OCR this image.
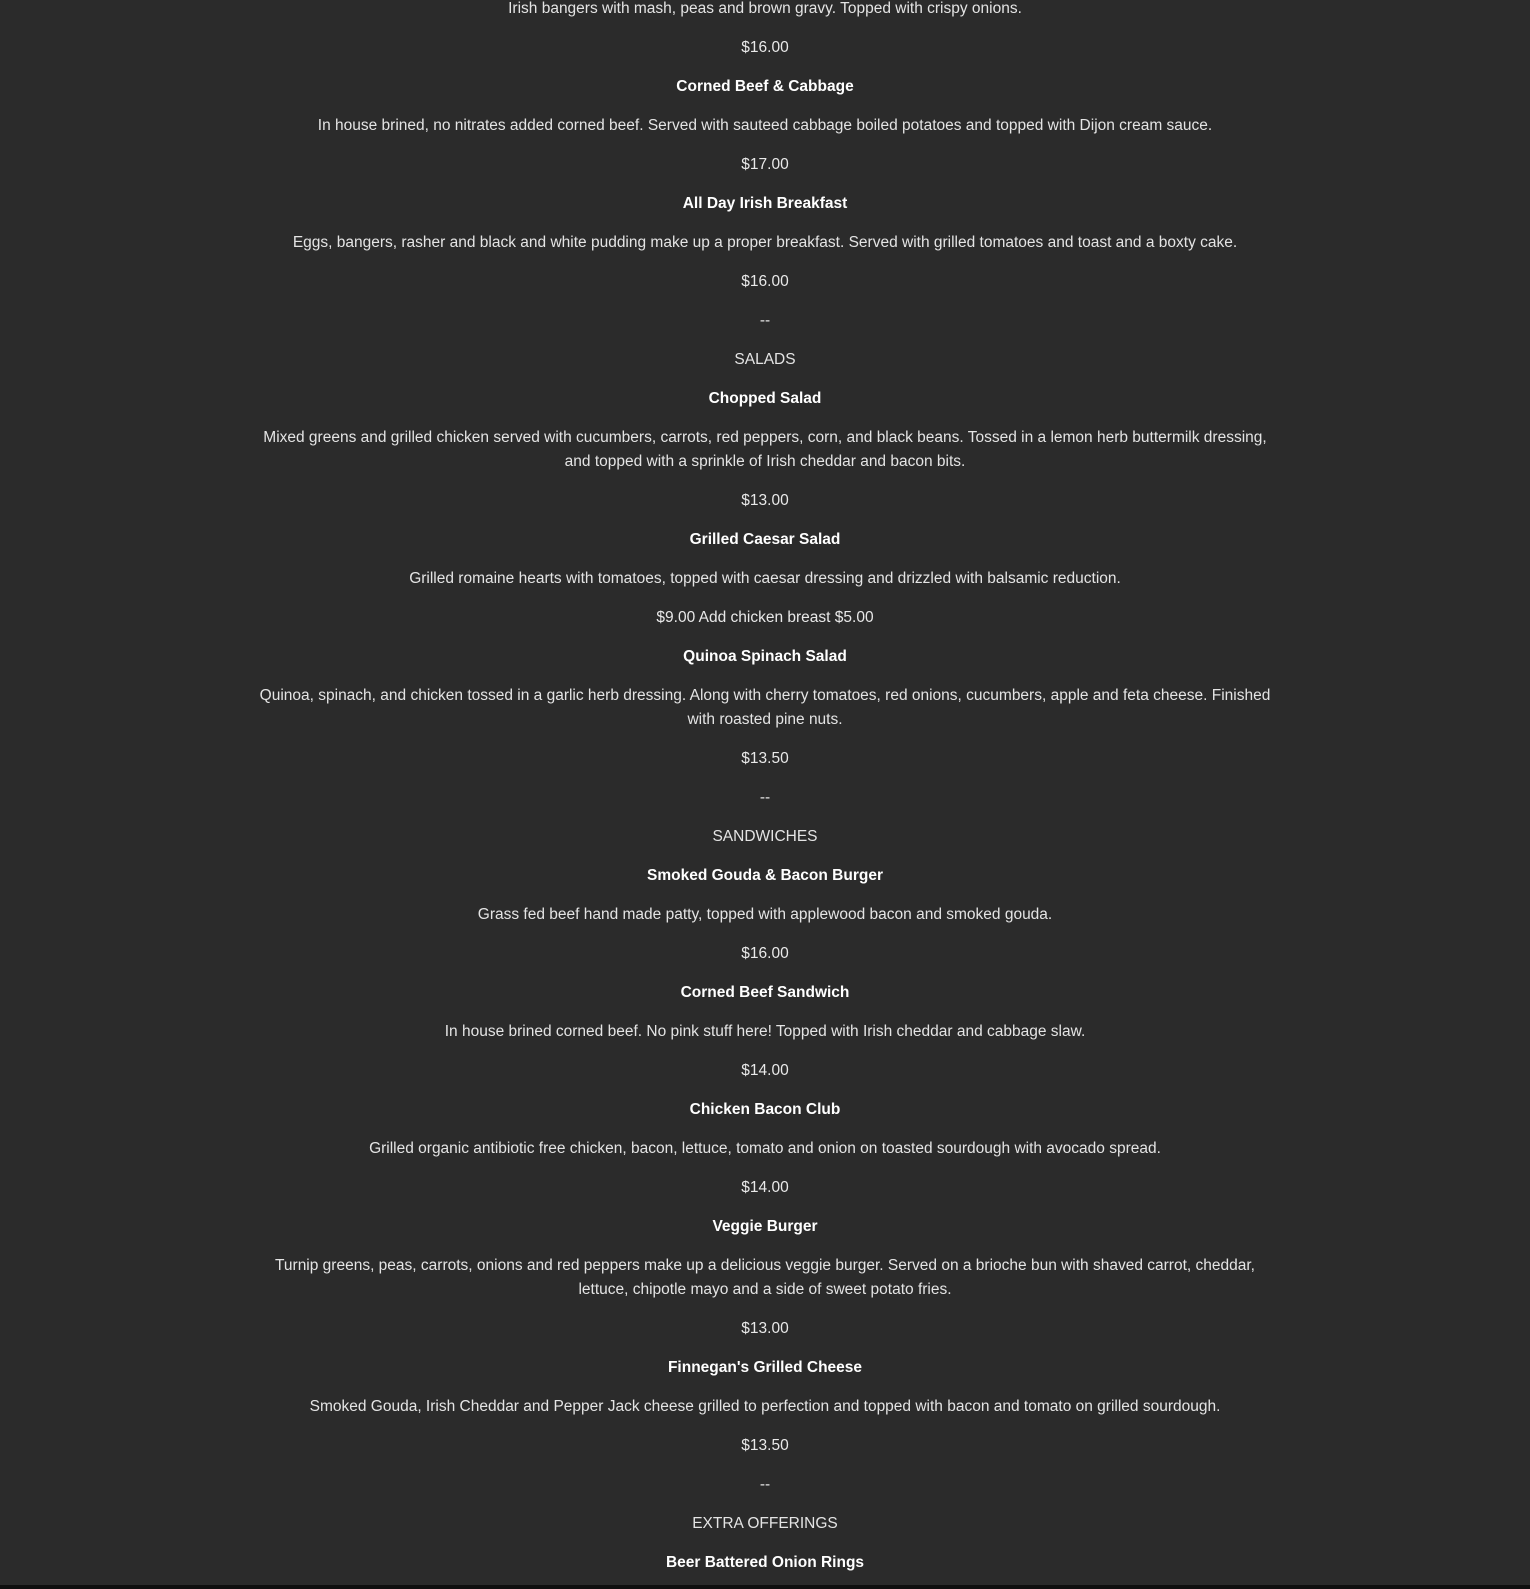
Irish bangers with mash, peas and brown gravy. Topped with crispy onions.

$16.00

Corned Beef & Cabbage

In house brined, no nitrates added corned beef. Served with sauteed cabbage boiled potatoes and topped with Dijon cream sauce.

$17.00

All Day Irish Breakfast

Eggs, bangers, rasher and black and white pudding make up a proper breakfast. Served with grilled tomatoes and toast and a boxty cake.

$16.00

--

SALADS

Chopped Salad

Mixed greens and grilled chicken served with cucumbers, carrots, red peppers, corn, and black beans. Tossed in a lemon herb buttermilk dressing, and topped with a sprinkle of Irish cheddar and bacon bits.

$13.00

Grilled Caesar Salad

Grilled romaine hearts with tomatoes, topped with caesar dressing and drizzled with balsamic reduction.

$9.00 Add chicken breast $5.00

Quinoa Spinach Salad

Quinoa, spinach, and chicken tossed in a garlic herb dressing. Along with cherry tomatoes, red onions, cucumbers, apple and feta cheese. Finished with roasted pine nuts.

$13.50

--

SANDWICHES

Smoked Gouda & Bacon Burger

Grass fed beef hand made patty, topped with applewood bacon and smoked gouda.

$16.00

Corned Beef Sandwich

In house brined corned beef. No pink stuff here! Topped with Irish cheddar and cabbage slaw.

$14.00

Chicken Bacon Club

Grilled organic antibiotic free chicken, bacon, lettuce, tomato and onion on toasted sourdough with avocado spread.

$14.00

Veggie Burger

Turnip greens, peas, carrots, onions and red peppers make up a delicious veggie burger. Served on a brioche bun with shaved carrot, cheddar, lettuce, chipotle mayo and a side of sweet potato fries.

$13.00

Finnegan's Grilled Cheese

Smoked Gouda, Irish Cheddar and Pepper Jack cheese grilled to perfection and topped with bacon and tomato on grilled sourdough.

$13.50

--

EXTRA OFFERINGS

Beer Battered Onion Rings
